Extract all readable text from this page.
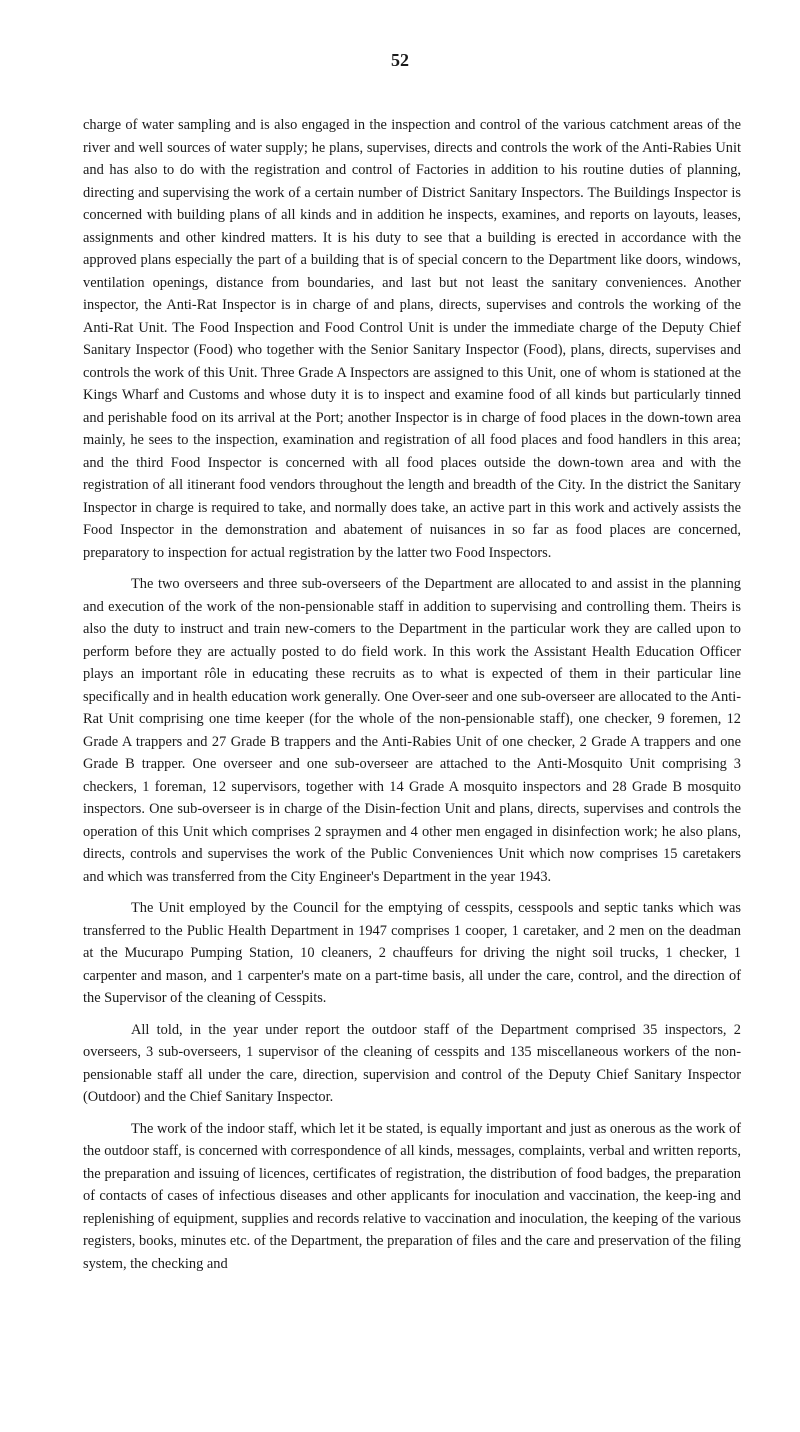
52

charge of water sampling and is also engaged in the inspection and control of the various catchment areas of the river and well sources of water supply; he plans, supervises, directs and controls the work of the Anti-Rabies Unit and has also to do with the registration and control of Factories in addition to his routine duties of planning, directing and supervising the work of a certain number of District Sanitary Inspectors. The Buildings Inspector is concerned with building plans of all kinds and in addition he inspects, examines, and reports on layouts, leases, assignments and other kindred matters. It is his duty to see that a building is erected in accordance with the approved plans especially the part of a building that is of special concern to the Department like doors, windows, ventilation openings, distance from boundaries, and last but not least the sanitary conveniences. Another inspector, the Anti-Rat Inspector is in charge of and plans, directs, supervises and controls the working of the Anti-Rat Unit. The Food Inspection and Food Control Unit is under the immediate charge of the Deputy Chief Sanitary Inspector (Food) who together with the Senior Sanitary Inspector (Food), plans, directs, supervises and controls the work of this Unit. Three Grade A Inspectors are assigned to this Unit, one of whom is stationed at the Kings Wharf and Customs and whose duty it is to inspect and examine food of all kinds but particularly tinned and perishable food on its arrival at the Port; another Inspector is in charge of food places in the down-town area mainly, he sees to the inspection, examination and registration of all food places and food handlers in this area; and the third Food Inspector is concerned with all food places outside the down-town area and with the registration of all itinerant food vendors throughout the length and breadth of the City. In the district the Sanitary Inspector in charge is required to take, and normally does take, an active part in this work and actively assists the Food Inspector in the demonstration and abatement of nuisances in so far as food places are concerned, preparatory to inspection for actual registration by the latter two Food Inspectors.

The two overseers and three sub-overseers of the Department are allocated to and assist in the planning and execution of the work of the non-pensionable staff in addition to supervising and controlling them. Theirs is also the duty to instruct and train new-comers to the Department in the particular work they are called upon to perform before they are actually posted to do field work. In this work the Assistant Health Education Officer plays an important rôle in educating these recruits as to what is expected of them in their particular line specifically and in health education work generally. One Over-seer and one sub-overseer are allocated to the Anti-Rat Unit comprising one time keeper (for the whole of the non-pensionable staff), one checker, 9 foremen, 12 Grade A trappers and 27 Grade B trappers and the Anti-Rabies Unit of one checker, 2 Grade A trappers and one Grade B trapper. One overseer and one sub-overseer are attached to the Anti-Mosquito Unit comprising 3 checkers, 1 foreman, 12 supervisors, together with 14 Grade A mosquito inspectors and 28 Grade B mosquito inspectors. One sub-overseer is in charge of the Disin-fection Unit and plans, directs, supervises and controls the operation of this Unit which comprises 2 spraymen and 4 other men engaged in disinfection work; he also plans, directs, controls and supervises the work of the Public Conveniences Unit which now comprises 15 caretakers and which was transferred from the City Engineer's Department in the year 1943.

The Unit employed by the Council for the emptying of cesspits, cesspools and septic tanks which was transferred to the Public Health Department in 1947 comprises 1 cooper, 1 caretaker, and 2 men on the deadman at the Mucurapo Pumping Station, 10 cleaners, 2 chauffeurs for driving the night soil trucks, 1 checker, 1 carpenter and mason, and 1 carpenter's mate on a part-time basis, all under the care, control, and the direction of the Supervisor of the cleaning of Cesspits.

All told, in the year under report the outdoor staff of the Department comprised 35 inspectors, 2 overseers, 3 sub-overseers, 1 supervisor of the cleaning of cesspits and 135 miscellaneous workers of the non-pensionable staff all under the care, direction, supervision and control of the Deputy Chief Sanitary Inspector (Outdoor) and the Chief Sanitary Inspector.

The work of the indoor staff, which let it be stated, is equally important and just as onerous as the work of the outdoor staff, is concerned with correspondence of all kinds, messages, complaints, verbal and written reports, the preparation and issuing of licences, certificates of registration, the distribution of food badges, the preparation of contacts of cases of infectious diseases and other applicants for inoculation and vaccination, the keep-ing and replenishing of equipment, supplies and records relative to vaccination and inoculation, the keeping of the various registers, books, minutes etc. of the Department, the preparation of files and the care and preservation of the filing system, the checking and
